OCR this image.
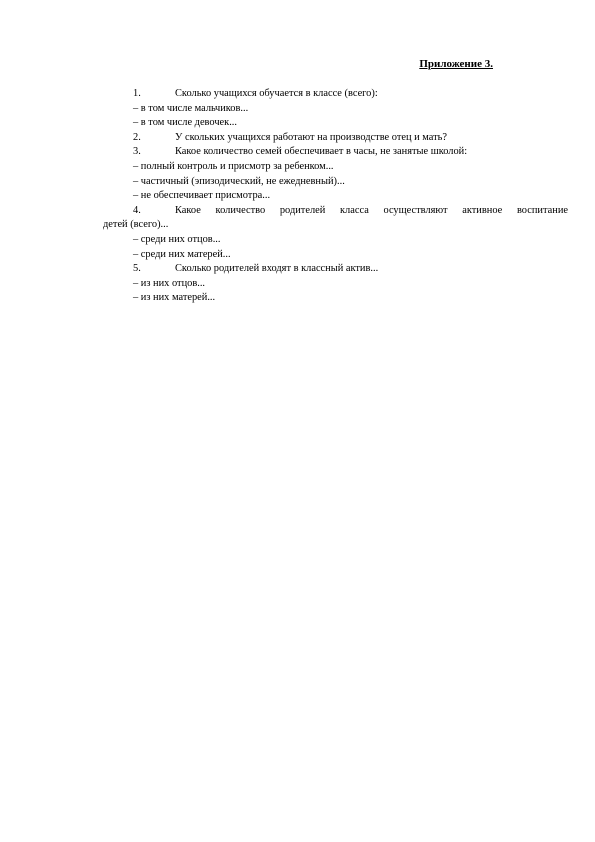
Приложение 3.
1.	Сколько учащихся обучается в классе (всего):
– в том числе мальчиков...
– в том числе девочек...
2.	У скольких учащихся работают на производстве отец и мать?
3.	Какое количество семей обеспечивает в часы, не занятые школой:
– полный контроль и присмотр за ребенком...
– частичный (эпизодический, не ежедневный)...
– не обеспечивает присмотра...
4.	Какое количество родителей класса осуществляют активное воспитание
детей (всего)...
– среди них отцов...
– среди них матерей...
5.	Сколько родителей входят в классный актив...
– из них отцов...
– из них матерей...
